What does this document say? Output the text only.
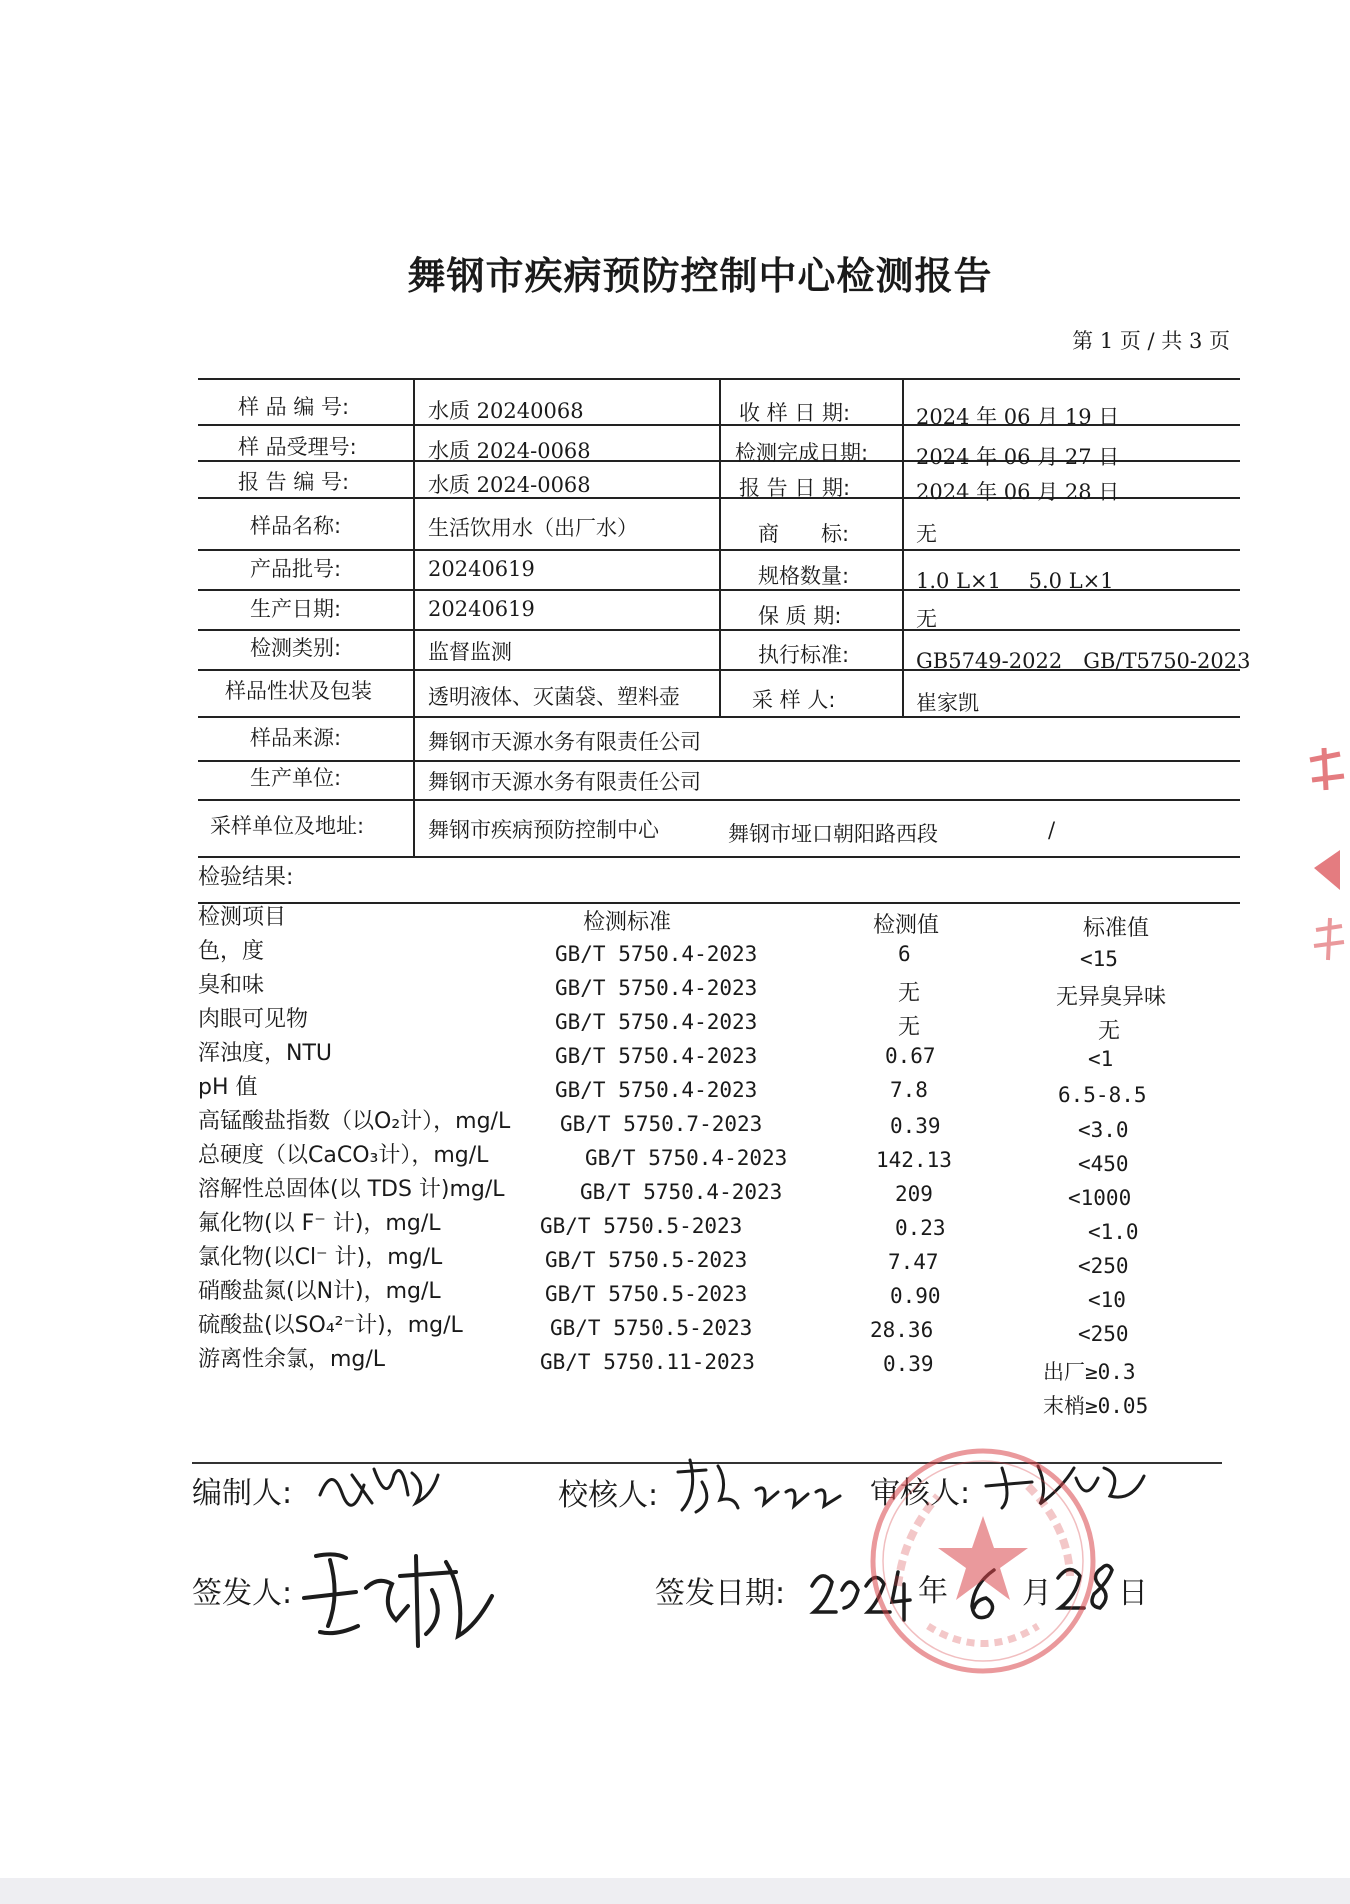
舞钢市疾病预防控制中心检测报告
第 1 页 / 共 3 页
样 品 编 号:	水质 20240068	收 样 日 期:	2024 年 06 月 19 日
样 品受理号:	水质 2024-0068	检测完成日期: 2024 年 06 月 27 日
报 告 编 号:	水质 2024-0068	报 告 日 期:	2024 年 06 月 28 日
样品名称:	生活饮用水（出厂水）	商　　标:	无
产品批号:	20240619	规格数量:	1.0 L×1　 5.0 L×1
生产日期:	20240619	保 质 期:	无
检测类别:	监督监测	执行标准:	GB5749-2022　GB/T5750-2023
样品性状及包装	透明液体、灭菌袋、塑料壶	采 样 人:	崔家凯
样品来源:	舞钢市天源水务有限责任公司
生产单位:	舞钢市天源水务有限责任公司
采样单位及地址:	舞钢市疾病预防控制中心	舞钢市垭口朝阳路西段	/
检验结果:
检测项目	检测标准	检测值	标准值
色，度	GB/T 5750.4-2023	6	<15
臭和味	GB/T 5750.4-2023	无	无异臭异味
肉眼可见物	GB/T 5750.4-2023	无	无
浑浊度，NTU	GB/T 5750.4-2023	0.67	<1
pH 值	GB/T 5750.4-2023	7.8	6.5-8.5
高锰酸盐指数（以O₂计），mg/L GB/T 5750.7-2023	0.39	<3.0
总硬度（以CaCO₃计），mg/L	GB/T 5750.4-2023	142.13	<450
溶解性总固体(以 TDS 计)mg/L	GB/T 5750.4-2023	209	<1000
氟化物(以 F⁻ 计)，mg/L	GB/T 5750.5-2023	0.23	<1.0
氯化物(以Cl⁻ 计)，mg/L	GB/T 5750.5-2023	7.47	<250
硝酸盐氮(以N计)，mg/L	GB/T 5750.5-2023	0.90	<10
硫酸盐(以SO₄²⁻计)，mg/L	GB/T 5750.5-2023	28.36	<250
游离性余氯，mg/L	GB/T 5750.11-2023	0.39	出厂≥0.3
末梢≥0.05
编制人:	校核人:	审核人:
签发人:	签发日期:	年 月 日
